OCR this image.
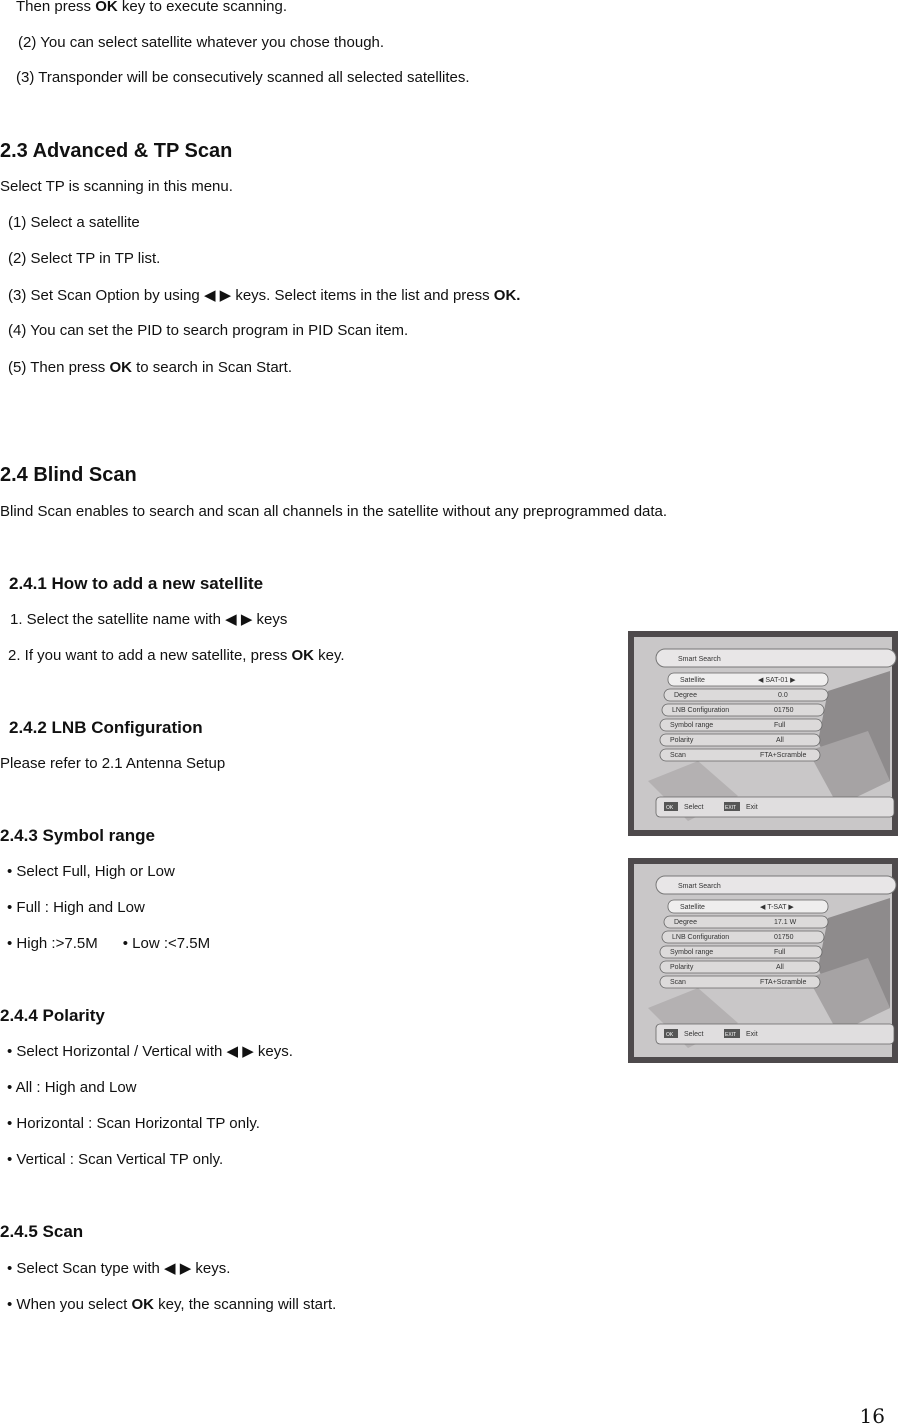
Then press OK key to execute scanning.
(2) You can select satellite whatever you chose though.
(3) Transponder will be consecutively scanned all selected satellites.
2.3 Advanced & TP Scan
Select TP is scanning in this menu.
(1) Select a satellite
(2) Select TP in TP list.
(3) Set Scan Option by using ◀ ▶ keys. Select items in the list and press OK.
(4) You can set the PID to search program in PID Scan item.
(5) Then press OK to search in Scan Start.
2.4 Blind Scan
Blind Scan enables to search and scan all channels in the satellite without any preprogrammed data.
2.4.1 How to add a new satellite
1. Select the satellite name with ◀ ▶ keys
2. If you want to add a new satellite, press OK key.
2.4.2 LNB Configuration
Please refer to 2.1 Antenna Setup
2.4.3 Symbol range
• Select Full, High or Low
• Full : High and Low
• High :>7.5M      • Low :<7.5M
2.4.4 Polarity
• Select Horizontal / Vertical with ◀ ▶ keys.
• All : High and Low
• Horizontal : Scan Horizontal TP only.
• Vertical : Scan Vertical TP only.
2.4.5 Scan
• Select Scan type with ◀ ▶ keys.
• When you select OK key, the scanning will start.
Smart Search
Satellite	◀ SAT-01 ▶
Degree	0.0
LNB Configuration	01750
Symbol range	Full
Polarity	All
Scan	FTA+Scramble
OK Select	EXIT Exit
Smart Search
Satellite	◀ T-SAT ▶
Degree	17.1 W
LNB Configuration	01750
Symbol range	Full
Polarity	All
Scan	FTA+Scramble
OK Select	EXIT Exit
16
